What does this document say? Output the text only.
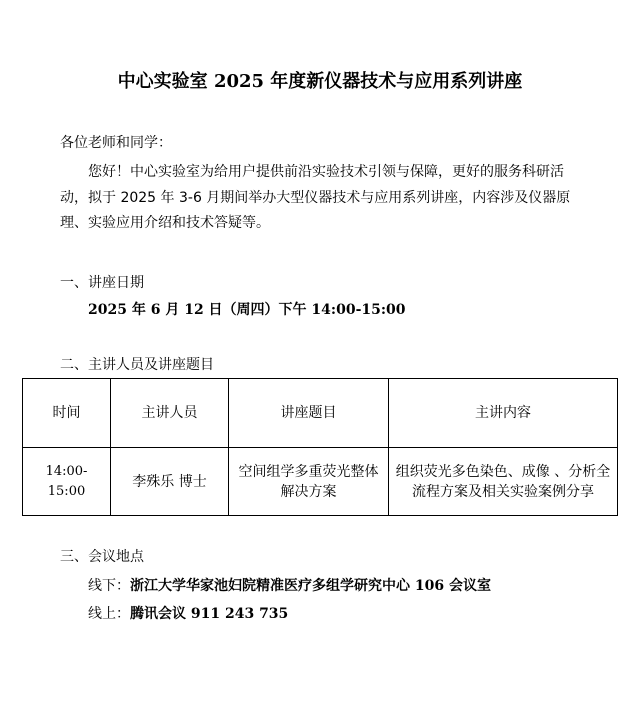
中心实验室 2025 年度新仪器技术与应用系列讲座
各位老师和同学：

您好！中心实验室为给用户提供前沿实验技术引领与保障，更好的服务科研活动，拟于 2025 年 3-6 月期间举办大型仪器技术与应用系列讲座，内容涉及仪器原理、实验应用介绍和技术答疑等。

一、讲座日期
2025 年 6 月 12 日（周四）下午 14:00-15:00
二、主讲人员及讲座题目
时间	主讲人员	讲座题目	主讲内容
14:00-15:00	李殊乐 博士	空间组学多重荧光整体解决方案	组织荧光多色染色、成像 、分析全流程方案及相关实验案例分享
三、会议地点
线下：浙江大学华家池妇院精准医疗多组学研究中心 106 会议室
线上：腾讯会议 911 243 735
